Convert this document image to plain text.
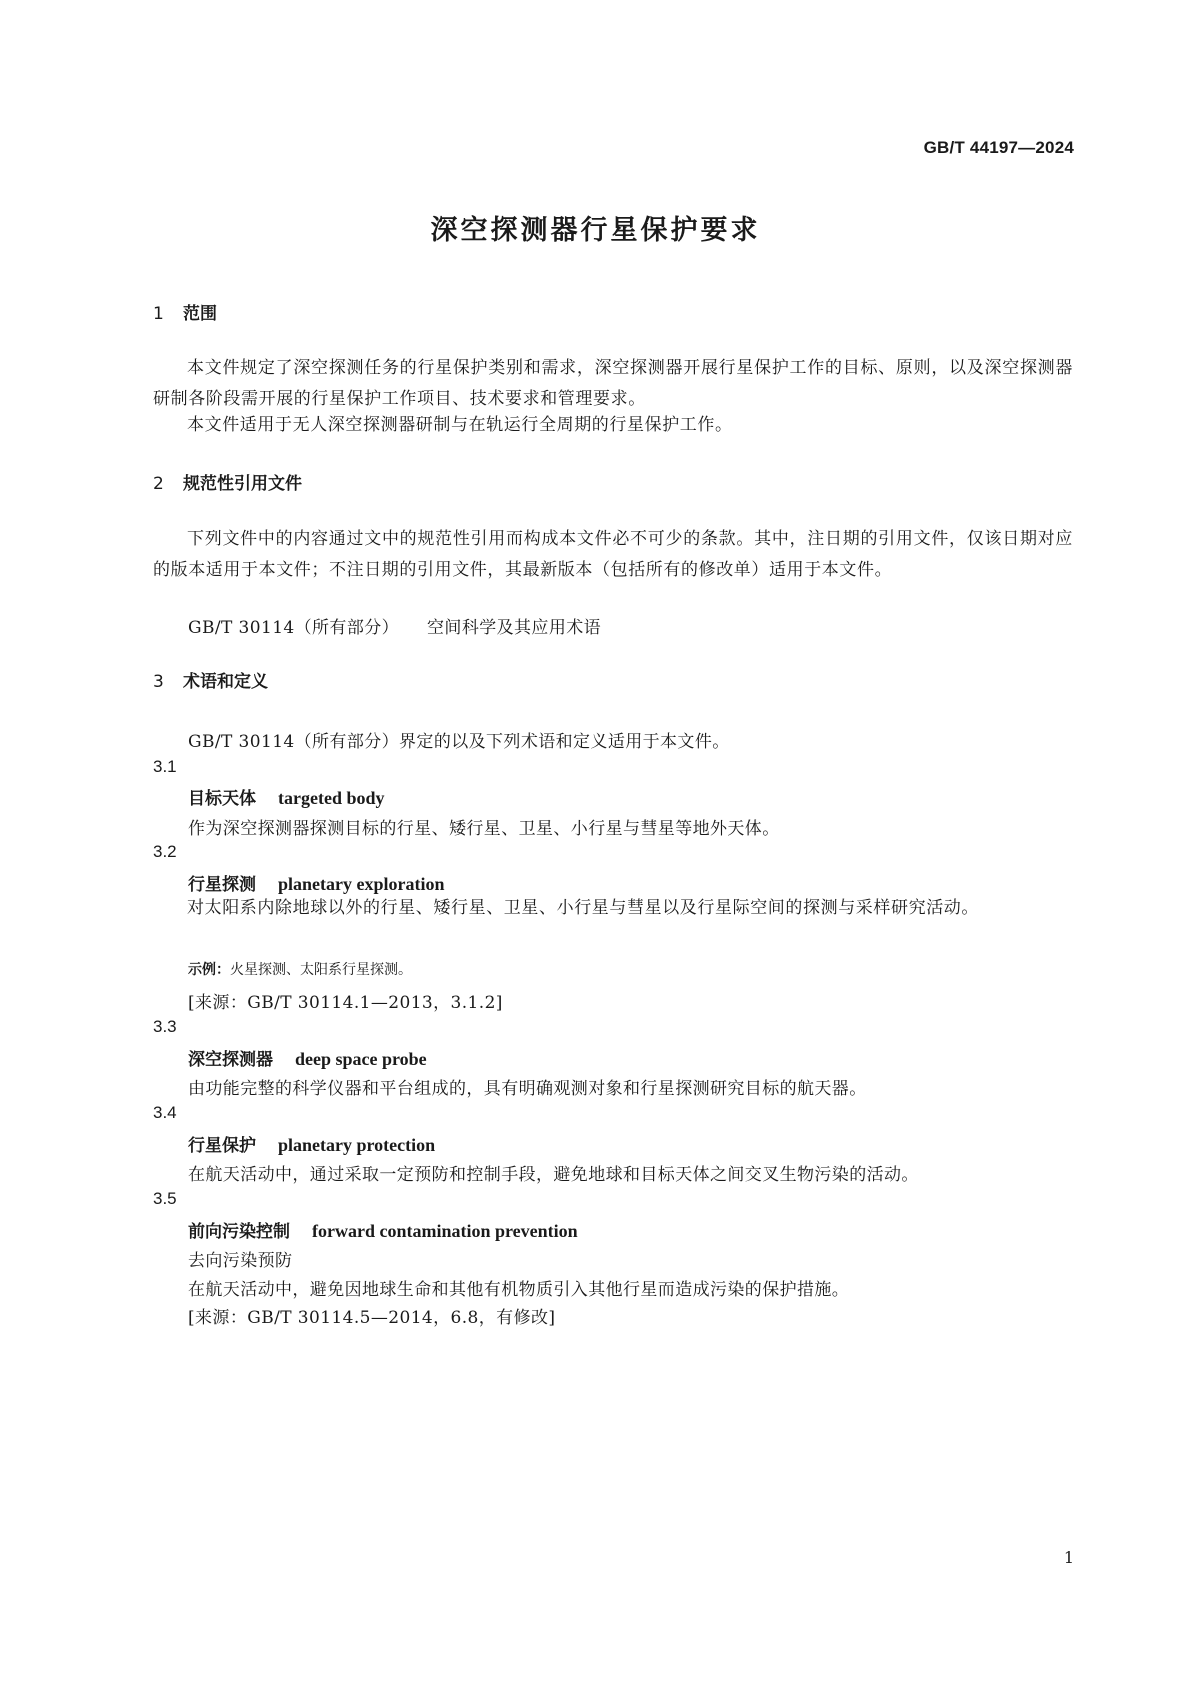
GB/T 44197—2024
深空探测器行星保护要求
1 范围
本文件规定了深空探测任务的行星保护类别和需求，深空探测器开展行星保护工作的目标、原则，以及深空探测器研制各阶段需开展的行星保护工作项目、技术要求和管理要求。
本文件适用于无人深空探测器研制与在轨运行全周期的行星保护工作。
2 规范性引用文件
下列文件中的内容通过文中的规范性引用而构成本文件必不可少的条款。其中，注日期的引用文件，仅该日期对应的版本适用于本文件；不注日期的引用文件，其最新版本（包括所有的修改单）适用于本文件。
GB/T 30114（所有部分） 空间科学及其应用术语
3 术语和定义
GB/T 30114（所有部分）界定的以及下列术语和定义适用于本文件。
3.1
目标天体 targeted body
作为深空探测器探测目标的行星、矮行星、卫星、小行星与彗星等地外天体。
3.2
行星探测 planetary exploration
对太阳系内除地球以外的行星、矮行星、卫星、小行星与彗星以及行星际空间的探测与采样研究活动。
示例：火星探测、太阳系行星探测。
[来源：GB/T 30114.1—2013，3.1.2]
3.3
深空探测器 deep space probe
由功能完整的科学仪器和平台组成的，具有明确观测对象和行星探测研究目标的航天器。
3.4
行星保护 planetary protection
在航天活动中，通过采取一定预防和控制手段，避免地球和目标天体之间交叉生物污染的活动。
3.5
前向污染控制 forward contamination prevention
去向污染预防
在航天活动中，避免因地球生命和其他有机物质引入其他行星而造成污染的保护措施。
[来源：GB/T 30114.5—2014，6.8，有修改]
1
